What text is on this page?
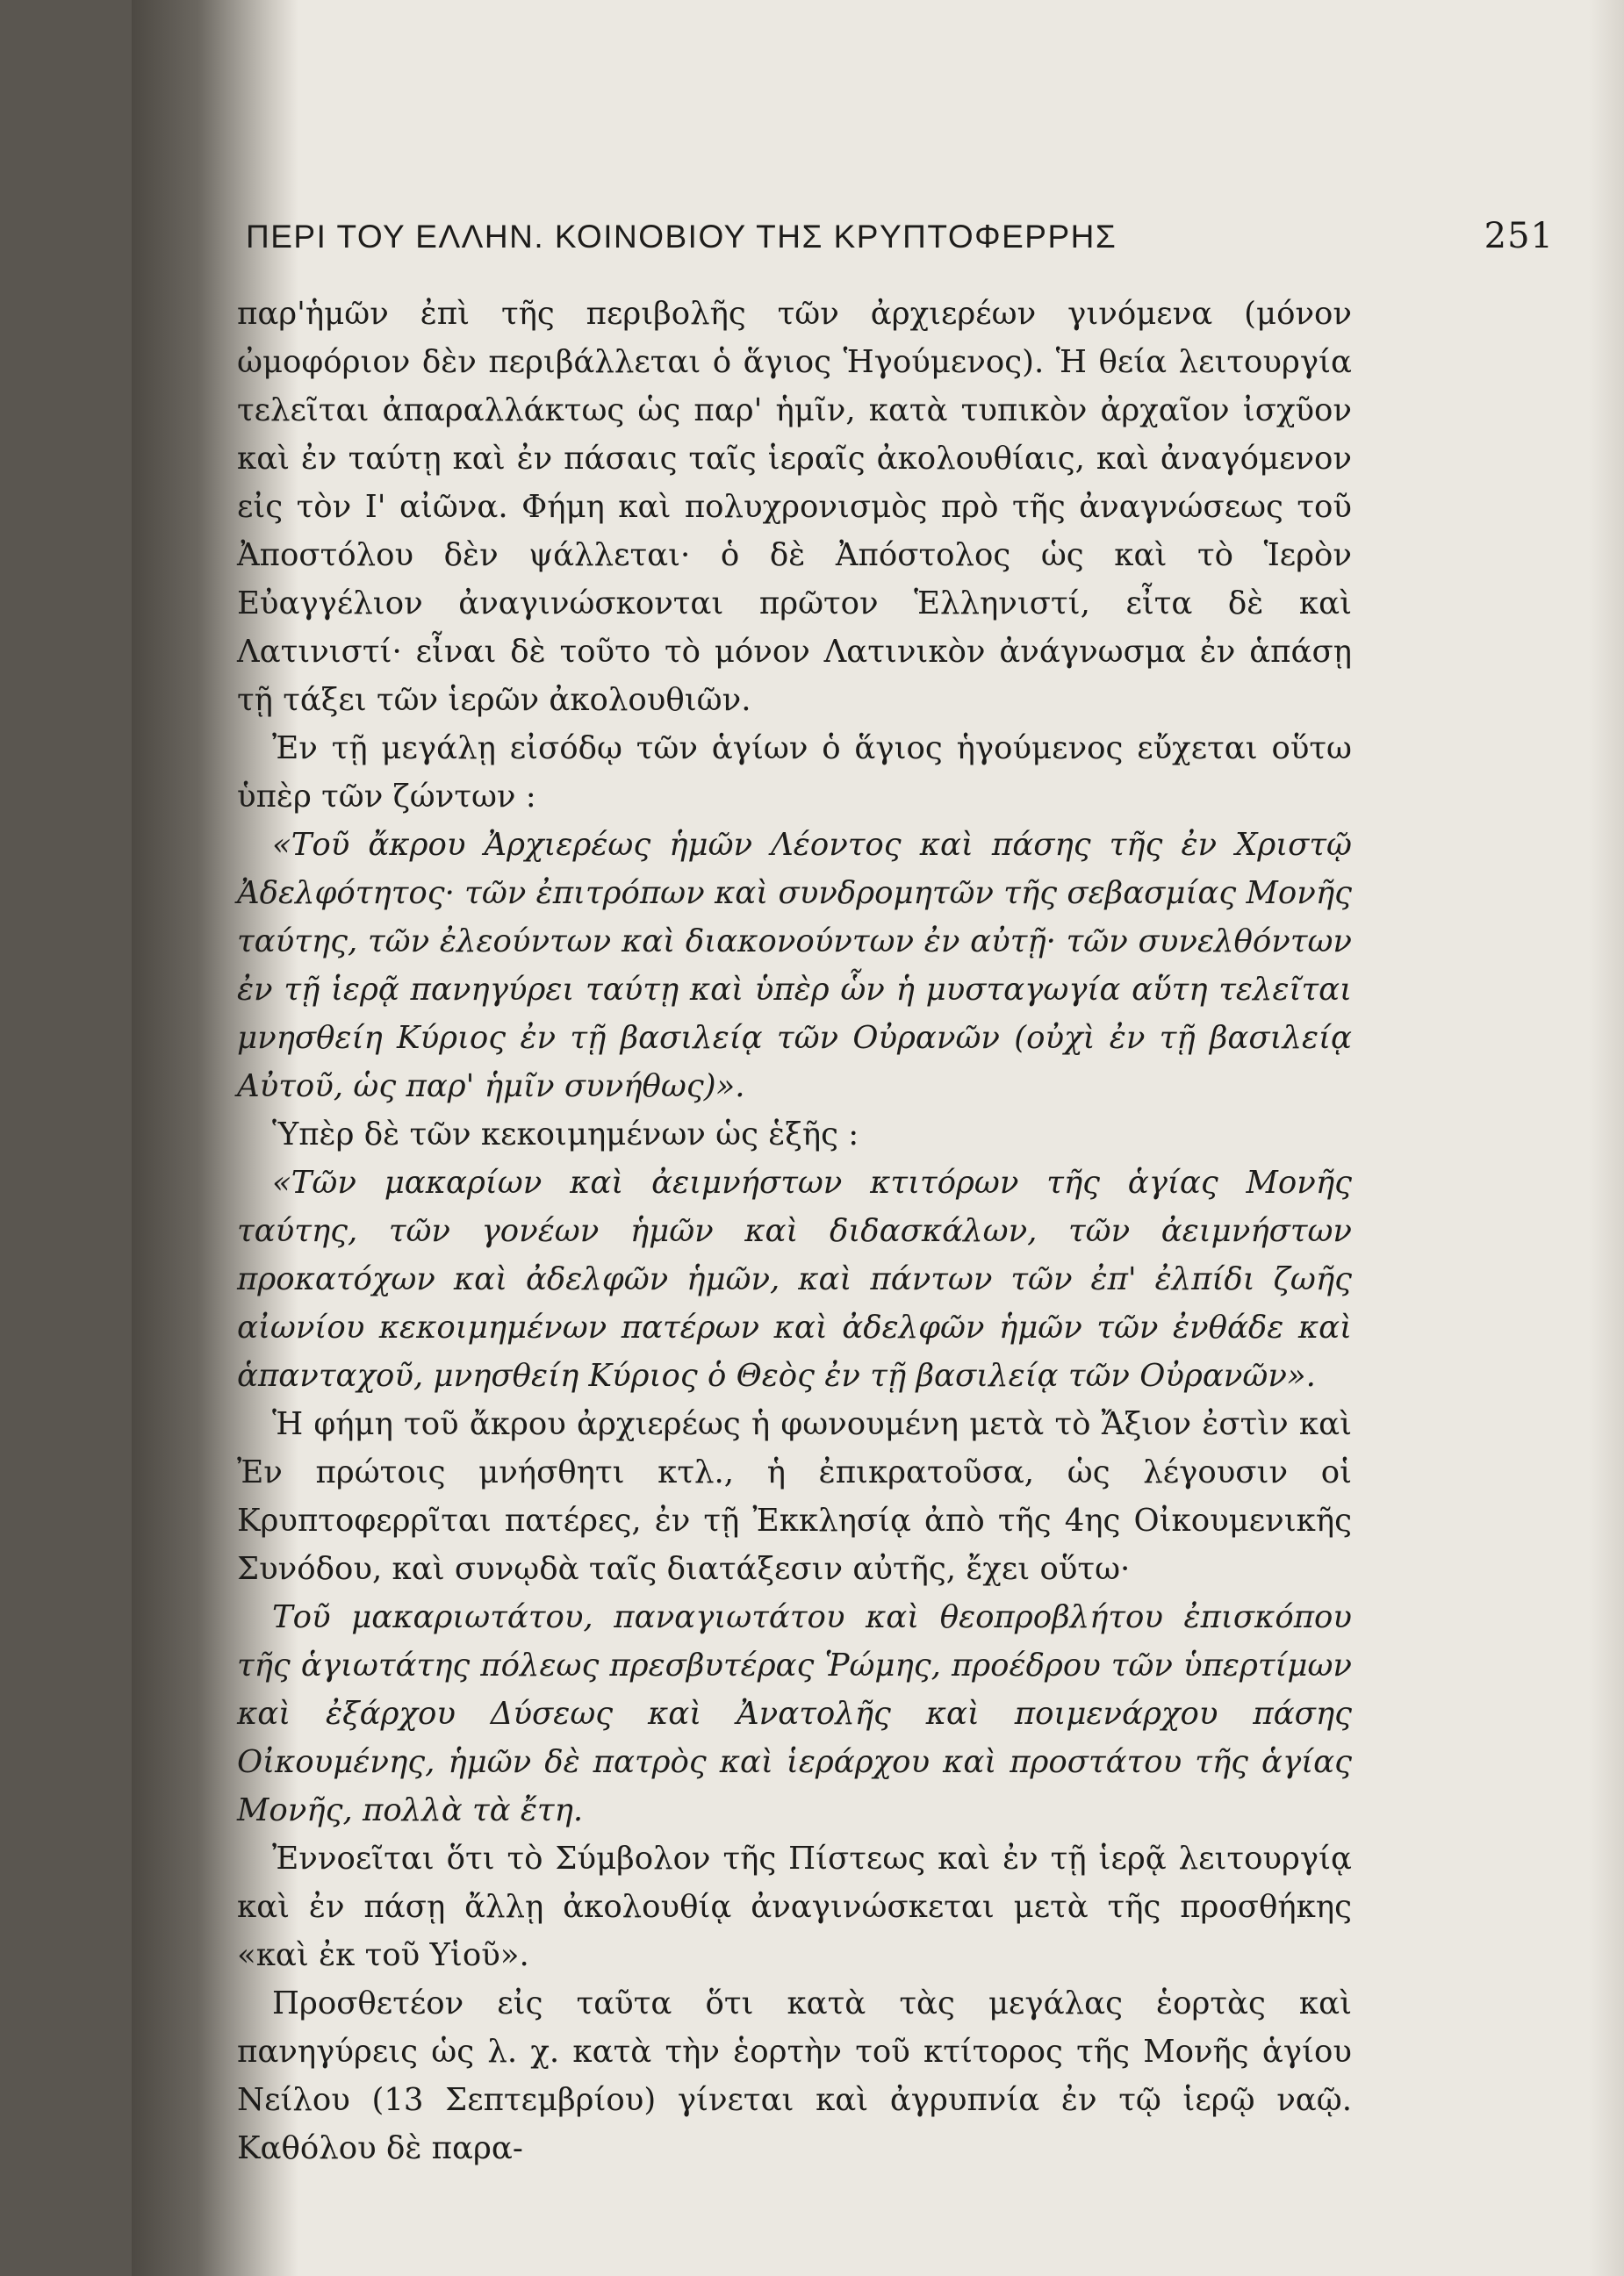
ΠΕΡΙ ΤΟΥ ΕΛΛΗΝ. ΚΟΙΝΟΒΙΟΥ ΤΗΣ ΚΡΥΠΤΟΦΕΡΡΗΣ	251

παρ'ἡμῶν ἐπὶ τῆς περιβολῆς τῶν ἀρχιερέων γινόμενα (μόνον ὠμοφόριον δὲν περιβάλλεται ὁ ἅγιος Ἡγούμενος). Ἡ θεία λειτουργία τελεῖται ἀπαραλλάκτως ὡς παρ' ἡμῖν, κατὰ τυπικὸν ἀρχαῖον ἰσχῦον καὶ ἐν ταύτῃ καὶ ἐν πάσαις ταῖς ἱεραῖς ἀκολουθίαις, καὶ ἀναγόμενον εἰς τὸν Ι' αἰῶνα. Φήμη καὶ πολυχρονισμὸς πρὸ τῆς ἀναγνώσεως τοῦ Ἀποστόλου δὲν ψάλλεται· ὁ δὲ Ἀπόστολος ὡς καὶ τὸ Ἱερὸν Εὐαγγέλιον ἀναγινώσκονται πρῶτον Ἑλληνιστί, εἶτα δὲ καὶ Λατινιστί· εἶναι δὲ τοῦτο τὸ μόνον Λατινικὸν ἀνάγνωσμα ἐν ἁπάσῃ τῇ τάξει τῶν ἱερῶν ἀκολουθιῶν.

Ἐν τῇ μεγάλῃ εἰσόδῳ τῶν ἁγίων ὁ ἅγιος ἡγούμενος εὔχεται οὕτω ὑπὲρ τῶν ζώντων :

«Τοῦ ἄκρου Ἀρχιερέως ἡμῶν Λέοντος καὶ πάσης τῆς ἐν Χριστῷ Ἀδελφότητος· τῶν ἐπιτρόπων καὶ συνδρομητῶν τῆς σεβασμίας Μονῆς ταύτης, τῶν ἐλεούντων καὶ διακονούντων ἐν αὐτῇ· τῶν συνελθόντων ἐν τῇ ἱερᾷ πανηγύρει ταύτῃ καὶ ὑπὲρ ὧν ἡ μυσταγωγία αὕτη τελεῖται μνησθείη Κύριος ἐν τῇ βασιλείᾳ τῶν Οὐρανῶν (οὐχὶ ἐν τῇ βασιλείᾳ Αὐτοῦ, ὡς παρ' ἡμῖν συνήθως)».

Ὑπὲρ δὲ τῶν κεκοιμημένων ὡς ἑξῆς :

«Τῶν μακαρίων καὶ ἀειμνήστων κτιτόρων τῆς ἁγίας Μονῆς ταύτης, τῶν γονέων ἡμῶν καὶ διδασκάλων, τῶν ἀειμνήστων προκατόχων καὶ ἀδελφῶν ἡμῶν, καὶ πάντων τῶν ἐπ' ἐλπίδι ζωῆς αἰωνίου κεκοιμημένων πατέρων καὶ ἀδελφῶν ἡμῶν τῶν ἐνθάδε καὶ ἁπανταχοῦ, μνησθείη Κύριος ὁ Θεὸς ἐν τῇ βασιλείᾳ τῶν Οὐρανῶν».

Ἡ φήμη τοῦ ἄκρου ἀρχιερέως ἡ φωνουμένη μετὰ τὸ Ἄξιον ἐστὶν καὶ Ἐν πρώτοις μνήσθητι κτλ., ἡ ἐπικρατοῦσα, ὡς λέγουσιν οἱ Κρυπτοφερρῖται πατέρες, ἐν τῇ Ἐκκλησίᾳ ἀπὸ τῆς 4ης Οἰκουμενικῆς Συνόδου, καὶ συνῳδὰ ταῖς διατάξεσιν αὐτῆς, ἔχει οὕτω·

Τοῦ μακαριωτάτου, παναγιωτάτου καὶ θεοπροβλήτου ἐπισκόπου τῆς ἁγιωτάτης πόλεως πρεσβυτέρας Ῥώμης, προέδρου τῶν ὑπερτίμων καὶ ἐξάρχου Δύσεως καὶ Ἀνατολῆς καὶ ποιμενάρχου πάσης Οἰκουμένης, ἡμῶν δὲ πατρὸς καὶ ἱεράρχου καὶ προστάτου τῆς ἁγίας Μονῆς, πολλὰ τὰ ἔτη.

Ἐννοεῖται ὅτι τὸ Σύμβολον τῆς Πίστεως καὶ ἐν τῇ ἱερᾷ λειτουργίᾳ καὶ ἐν πάσῃ ἄλλῃ ἀκολουθίᾳ ἀναγινώσκεται μετὰ τῆς προσθήκης «καὶ ἐκ τοῦ Υἱοῦ».

Προσθετέον εἰς ταῦτα ὅτι κατὰ τὰς μεγάλας ἑορτὰς καὶ πανηγύρεις ὡς λ. χ. κατὰ τὴν ἑορτὴν τοῦ κτίτορος τῆς Μονῆς ἁγίου Νείλου (13 Σεπτεμβρίου) γίνεται καὶ ἀγρυπνία ἐν τῷ ἱερῷ ναῷ. Καθόλου δὲ παρα-
